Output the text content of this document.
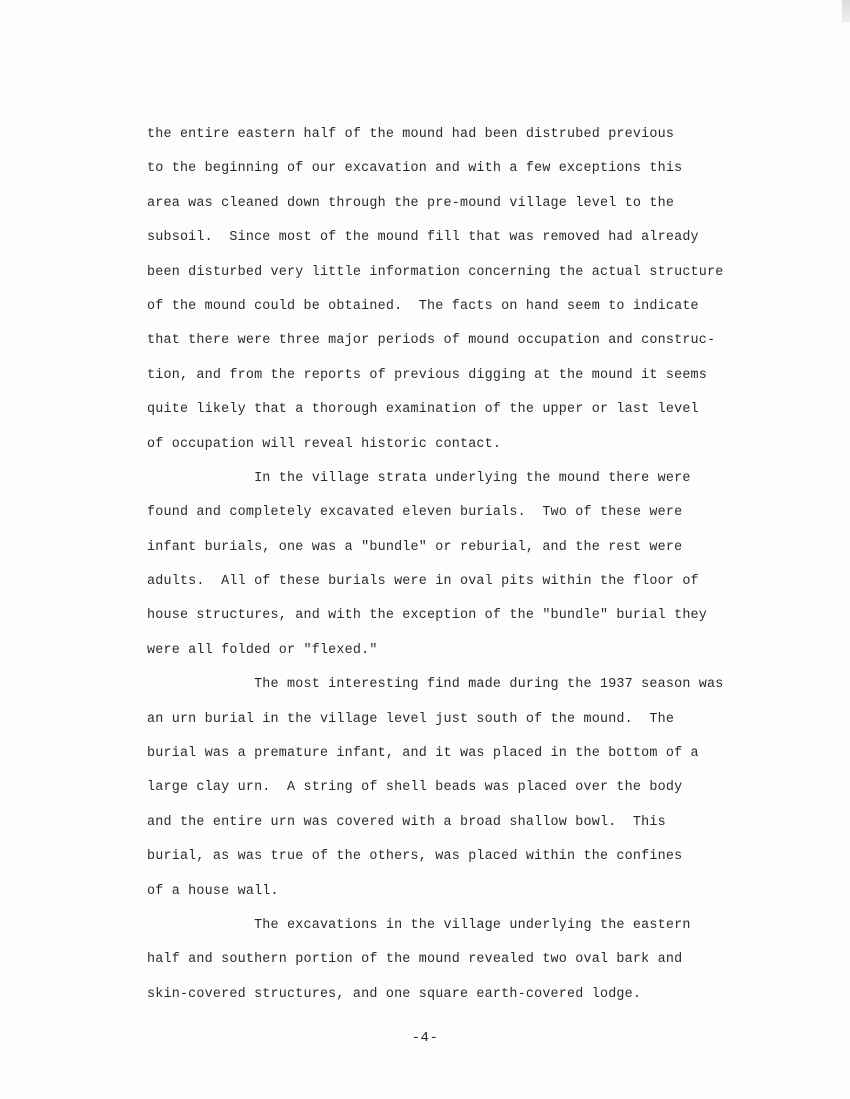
the entire eastern half of the mound had been distrubed previous
to the beginning of our excavation and with a few exceptions this
area was cleaned down through the pre-mound village level to the
subsoil.  Since most of the mound fill that was removed had already
been disturbed very little information concerning the actual structure
of the mound could be obtained.  The facts on hand seem to indicate
that there were three major periods of mound occupation and construc-
tion, and from the reports of previous digging at the mound it seems
quite likely that a thorough examination of the upper or last level
of occupation will reveal historic contact.
In the village strata underlying the mound there were
found and completely excavated eleven burials.  Two of these were
infant burials, one was a "bundle" or reburial, and the rest were
adults.  All of these burials were in oval pits within the floor of
house structures, and with the exception of the "bundle" burial they
were all folded or "flexed."
The most interesting find made during the 1937 season was
an urn burial in the village level just south of the mound.  The
burial was a premature infant, and it was placed in the bottom of a
large clay urn.  A string of shell beads was placed over the body
and the entire urn was covered with a broad shallow bowl.  This
burial, as was true of the others, was placed within the confines
of a house wall.
The excavations in the village underlying the eastern
half and southern portion of the mound revealed two oval bark and
skin-covered structures, and one square earth-covered lodge.
-4-
